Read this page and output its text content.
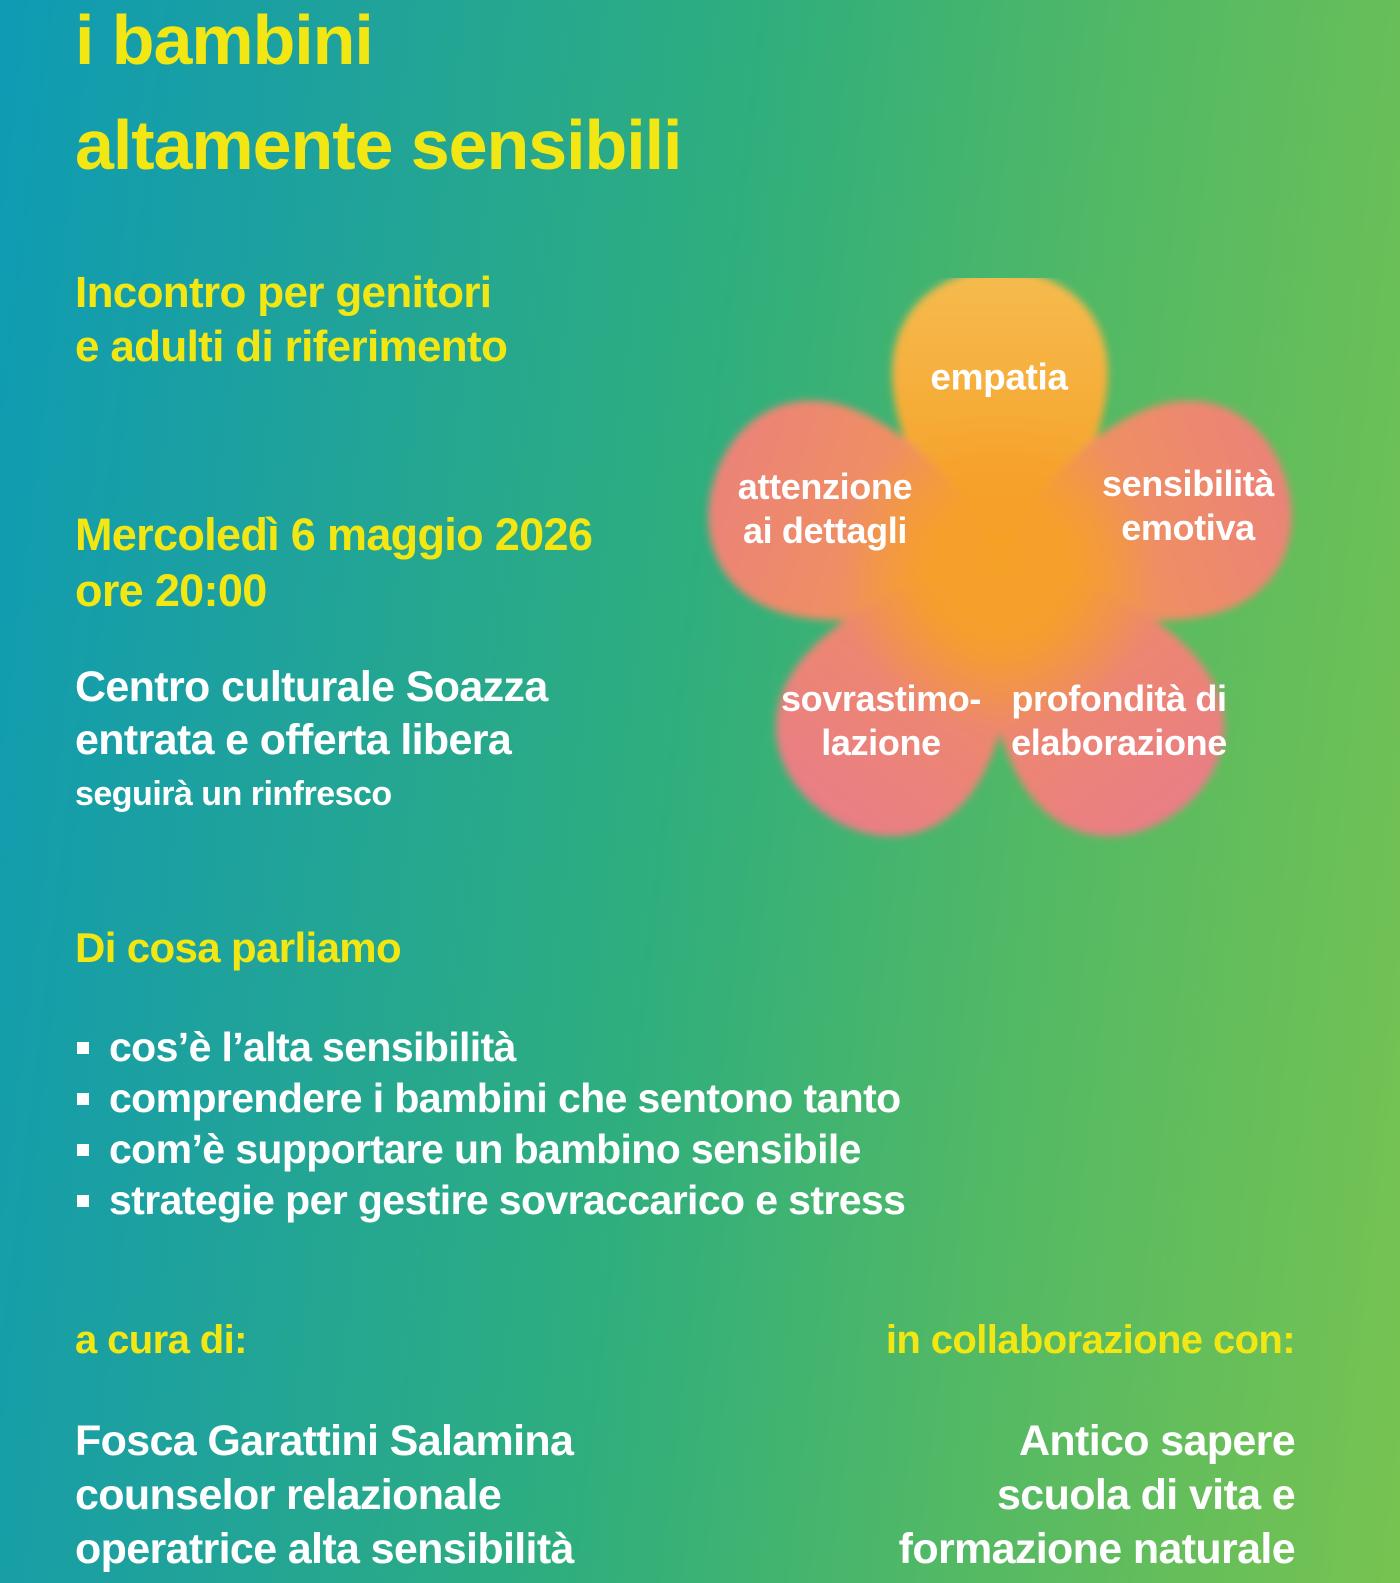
i bambini
altamente sensibili
Incontro per genitori
e adulti di riferimento
Mercoledì 6 maggio 2026
ore 20:00
Centro culturale Soazza
entrata e offerta libera
seguirà un rinfresco
Di cosa parliamo
cos’è l’alta sensibilità
comprendere i bambini che sentono tanto
com’è supportare un bambino sensibile
strategie per gestire sovraccarico e stress
a cura di:	in collaborazione con:
Fosca Garattini Salamina
counselor relazionale
operatrice alta sensibilità
Antico sapere
scuola di vita e
formazione naturale
empatia
attenzione
ai dettagli
sensibilità
emotiva
sovrastimo-
lazione
profondità di
elaborazione
